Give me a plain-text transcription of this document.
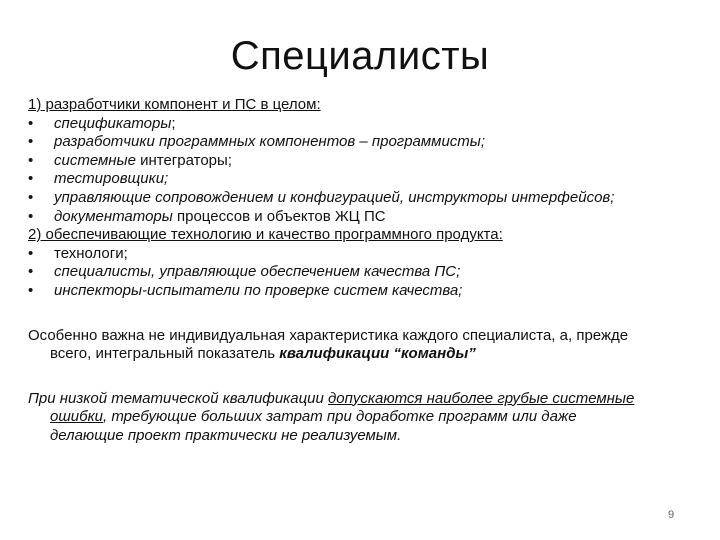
Специалисты
1) разработчики компонент и ПС в целом:
• спецификаторы;
• разработчики программных компонентов – программисты;
• системные интеграторы;
• тестировщики;
• управляющие сопровождением и конфигурацией, инструкторы интерфейсов;
• документаторы процессов и объектов ЖЦ ПС
2) обеспечивающие технологию и качество программного продукта:
• технологи;
• специалисты, управляющие обеспечением качества ПС;
• инспекторы-испытатели по проверке систем качества;
Особенно важна не индивидуальная характеристика каждого специалиста, а, прежде
всего, интегральный показатель квалификации “команды”
При низкой тематической квалификации допускаются наиболее грубые системные
ошибки, требующие больших затрат при доработке программ или даже
делающие проект практически не реализуемым.
9
